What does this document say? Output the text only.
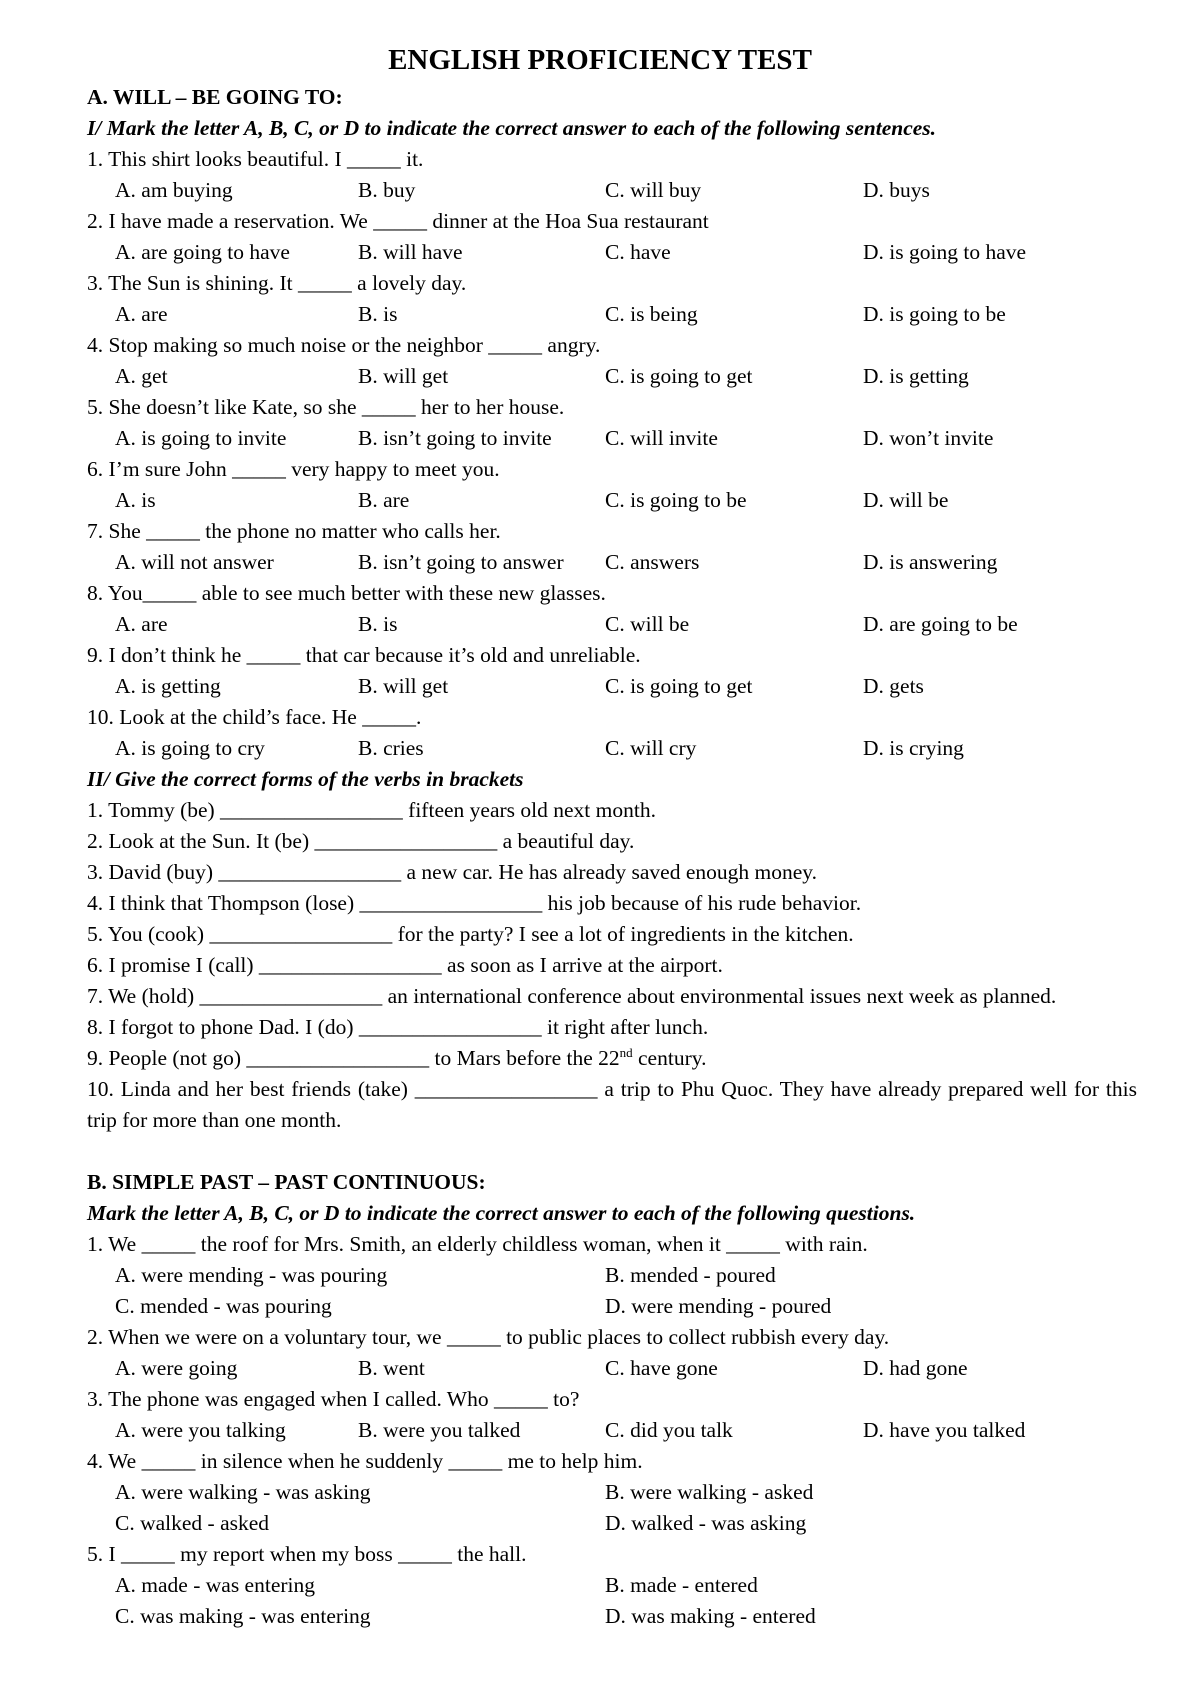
ENGLISH PROFICIENCY TEST
A. WILL – BE GOING TO:
I/ Mark the letter A, B, C, or D to indicate the correct answer to each of the following sentences.
1. This shirt looks beautiful. I _____ it.
A. am buying	B. buy	C. will buy	D. buys
2. I have made a reservation. We _____ dinner at the Hoa Sua restaurant
A. are going to have	B. will have	C. have	D. is going to have
3. The Sun is shining. It _____ a lovely day.
A. are	B. is	C. is being	D. is going to be
4. Stop making so much noise or the neighbor _____ angry.
A. get	B. will get	C. is going to get	D. is getting
5. She doesn’t like Kate, so she _____ her to her house.
A. is going to invite	B. isn’t going to invite C. will invite	D. won’t invite
6. I’m sure John _____ very happy to meet you.
A. is	B. are	C. is going to be	D. will be
7. She _____ the phone no matter who calls her.
A. will not answer	B. isn’t going to answer C. answers	D. is answering
8. You_____ able to see much better with these new glasses.
A. are	B. is	C. will be	D. are going to be
9. I don’t think he _____ that car because it’s old and unreliable.
A. is getting	B. will get	C. is going to get	D. gets
10. Look at the child’s face. He _____.
A. is going to cry	B. cries	C. will cry	D. is crying
II/ Give the correct forms of the verbs in brackets

1. Tommy (be) _________________ fifteen years old next month.

2. Look at the Sun. It (be) _________________ a beautiful day.

3. David (buy) _________________ a new car. He has already saved enough money.

4. I think that Thompson (lose) _________________ his job because of his rude behavior.

5. You (cook) _________________ for the party? I see a lot of ingredients in the kitchen.

6. I promise I (call) _________________ as soon as I arrive at the airport.

7. We (hold) _________________ an international conference about environmental issues next week as planned.

8. I forgot to phone Dad. I (do) _________________ it right after lunch.

9. People (not go) _________________ to Mars before the 22nd century.

10. Linda and her best friends (take) _________________ a trip to Phu Quoc. They have already prepared well for this trip for more than one month.

B. SIMPLE PAST – PAST CONTINUOUS:
Mark the letter A, B, C, or D to indicate the correct answer to each of the following questions.
1. We _____ the roof for Mrs. Smith, an elderly childless woman, when it _____ with rain.
A. were mending - was pouring	B. mended - poured
C. mended - was pouring	D. were mending - poured
2. When we were on a voluntary tour, we _____ to public places to collect rubbish every day.
A. were going	B. went	C. have gone	D. had gone
3. The phone was engaged when I called. Who _____ to?
A. were you talking	B. were you talked	C. did you talk	D. have you talked
4. We _____ in silence when he suddenly _____ me to help him.
A. were walking - was asking	B. were walking - asked
C. walked - asked	D. walked - was asking
5. I _____ my report when my boss _____ the hall.
A. made - was entering	B. made - entered
C. was making - was entering	D. was making - entered
